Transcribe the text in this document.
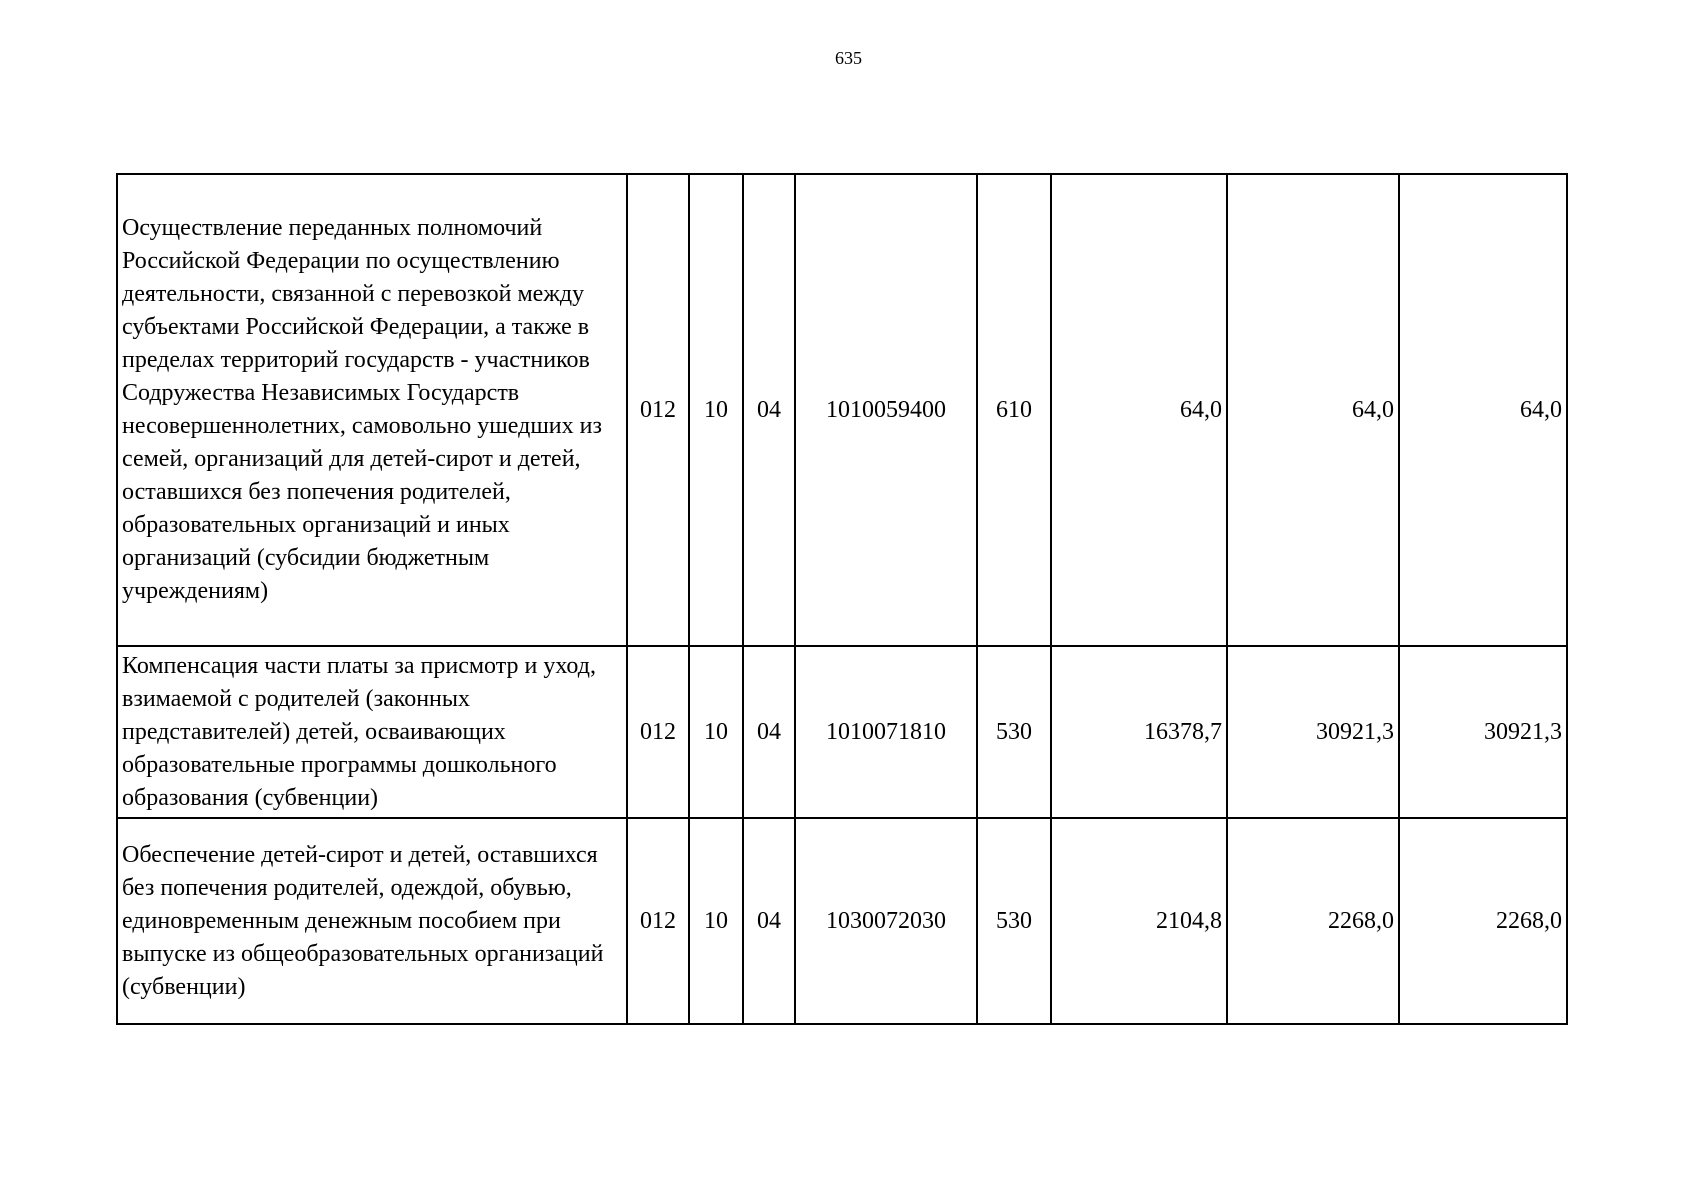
635
Осуществление переданных полномочий Российской Федерации по осуществлению деятельности, связанной с перевозкой между субъектами Российской Федерации, а также в пределах территорий государств - участников Содружества Независимых Государств несовершеннолетних, самовольно ушедших из семей, организаций для детей-сирот и детей, оставшихся без попечения родителей, образовательных организаций и иных организаций (субсидии бюджетным учреждениям)	012	10	04	1010059400	610	64,0	64,0	64,0
Компенсация части платы за присмотр и уход, взимаемой с родителей (законных представителей) детей, осваивающих образовательные программы дошкольного образования (субвенции)	012	10	04	1010071810	530	16378,7	30921,3	30921,3
Обеспечение детей-сирот и детей, оставшихся без попечения родителей, одеждой, обувью, единовременным денежным пособием при выпуске из общеобразовательных организаций (субвенции)	012	10	04	1030072030	530	2104,8	2268,0	2268,0
